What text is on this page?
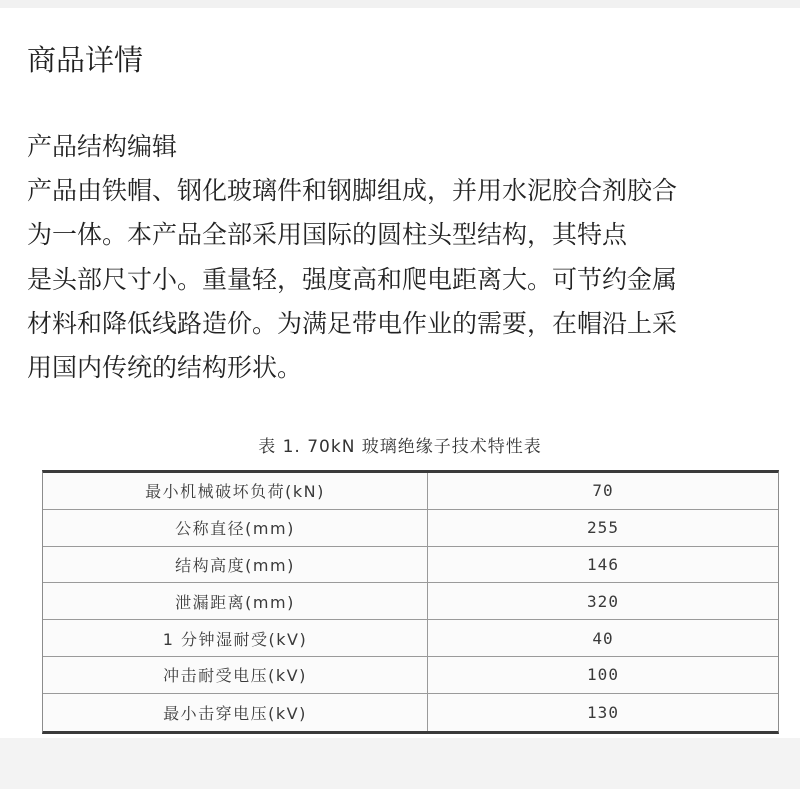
商品详情
产品结构编辑
产品由铁帽、钢化玻璃件和钢脚组成，并用水泥胶合剂胶合
为一体。本产品全部采用国际的圆柱头型结构，其特点
是头部尺寸小。重量轻，强度高和爬电距离大。可节约金属
材料和降低线路造价。为满足带电作业的需要，在帽沿上采
用国内传统的结构形状。
表 1. 70kN 玻璃绝缘子技术特性表
最小机械破坏负荷(kN)	70
公称直径(mm)	255
结构高度(mm)	146
泄漏距离(mm)	320
1 分钟湿耐受(kV)	40
冲击耐受电压(kV)	100
最小击穿电压(kV)	130
